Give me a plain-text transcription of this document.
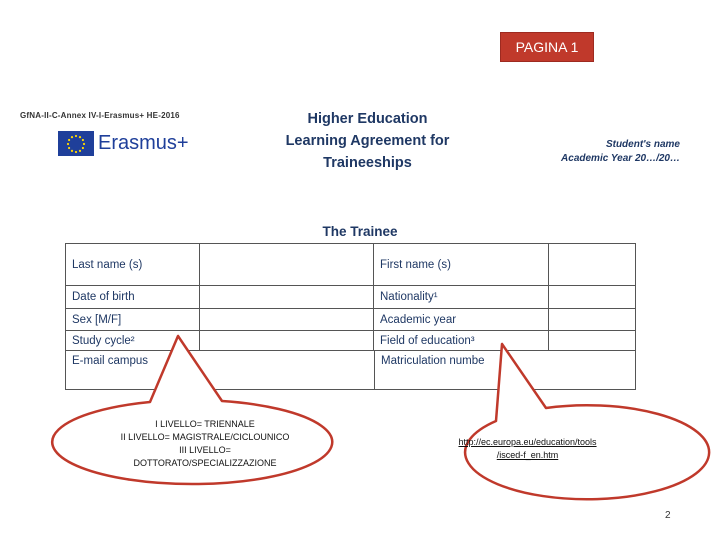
PAGINA 1
GfNA-II-C-Annex IV-I-Erasmus+ HE-2016
Erasmus+
Higher Education
Learning Agreement for
Traineeships
Student's name
Academic Year 20…/20…
The Trainee
Last name (s)	First name (s)
Date of birth	Nationality¹
Sex [M/F]	Academic year
Study cycle²	Field of education³
E-mail campus	Matriculation numbe
I LIVELLO= TRIENNALE
II LIVELLO= MAGISTRALE/CICLOUNICO
III LIVELLO=
DOTTORATO/SPECIALIZZAZIONE
http://ec.europa.eu/education/tools
/isced-f_en.htm
2
